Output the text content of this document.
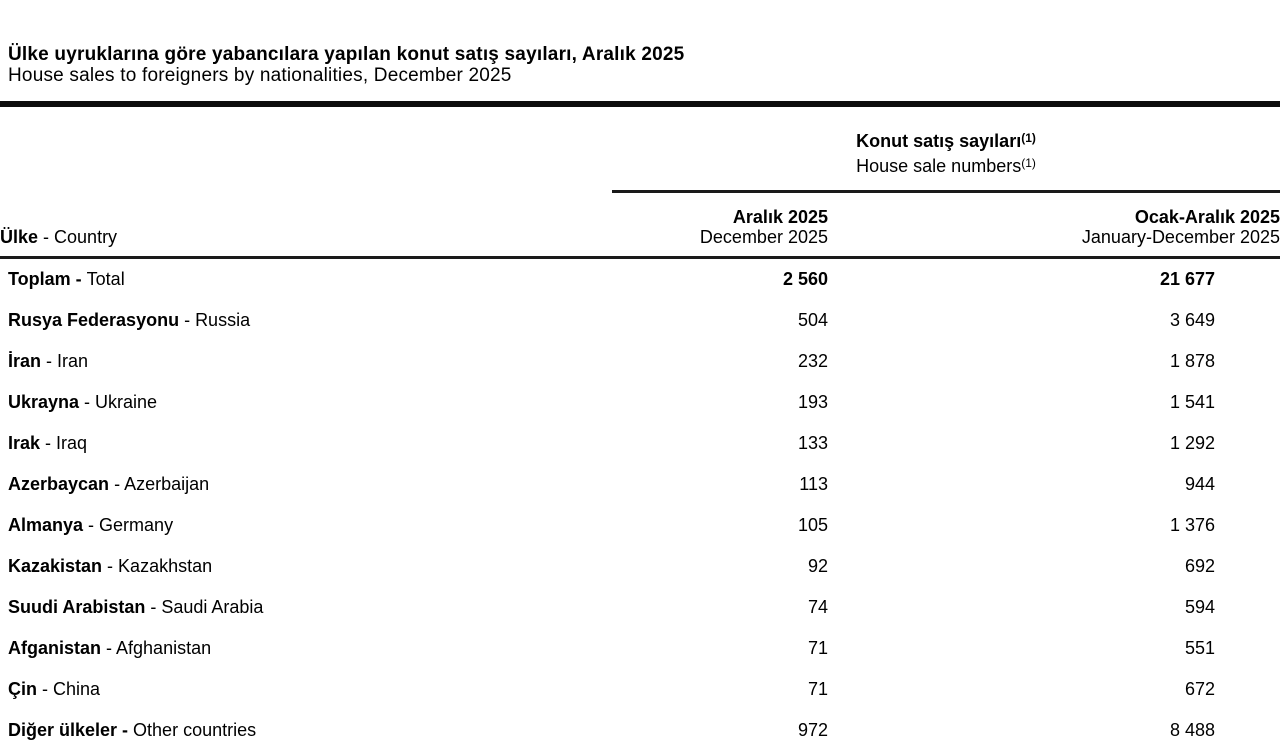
Ülke uyruklarına göre yabancılara yapılan konut satış sayıları, Aralık 2025
House sales to foreigners by nationalities, December 2025

	Konut satış sayıları$^{(1)}$
House sale numbers$^{(1)}$

Ülke - Country	
Aralık 2025
December 2025

Ocak-Aralık 2025
January-December 2025

Toplam - Total	2 560	21 677
Rusya Federasyonu - Russia	504	3 649
İran - Iran	232	1 878
Ukrayna - Ukraine	193	1 541
Irak - Iraq	133	1 292
Azerbaycan - Azerbaijan	113	944
Almanya - Germany	105	1 376
Kazakistan - Kazakhstan	92	692
Suudi Arabistan - Saudi Arabia	74	594
Afganistan - Afghanistan	71	551
Çin - China	71	672
Diğer ülkeler - Other countries	972	8 488
